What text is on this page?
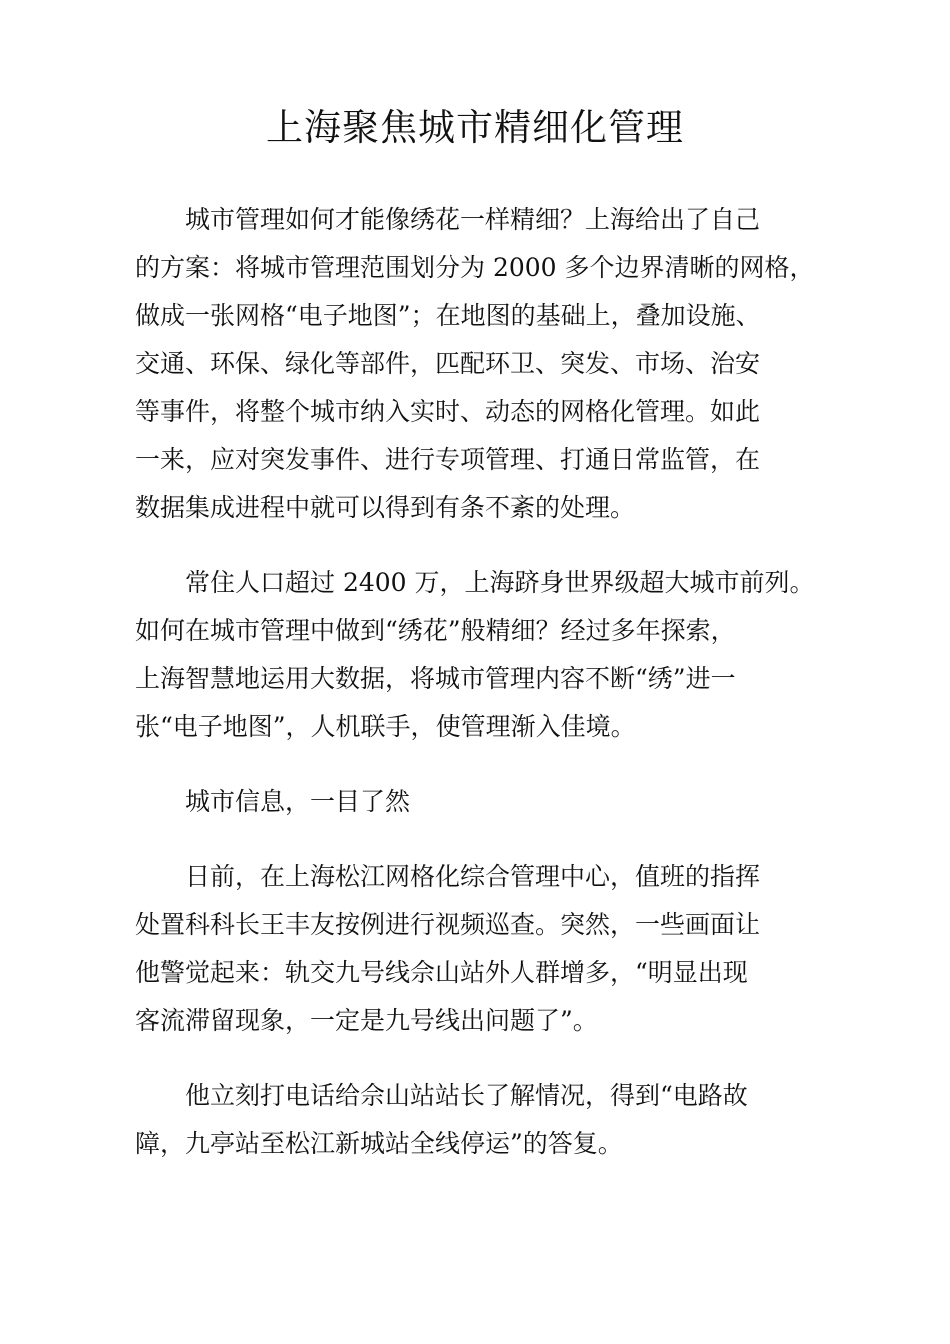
上海聚焦城市精细化管理

城市管理如何才能像绣花一样精细？上海给出了自己
的方案：将城市管理范围划分为 2000 多个边界清晰的网格，
做成一张网格“电子地图”；在地图的基础上，叠加设施、
交通、环保、绿化等部件，匹配环卫、突发、市场、治安
等事件，将整个城市纳入实时、动态的网格化管理。如此
一来，应对突发事件、进行专项管理、打通日常监管，在
数据集成进程中就可以得到有条不紊的处理。

常住人口超过 2400 万，上海跻身世界级超大城市前列。
如何在城市管理中做到“绣花”般精细？经过多年探索，
上海智慧地运用大数据，将城市管理内容不断“绣”进一
张“电子地图”，人机联手，使管理渐入佳境。

城市信息，一目了然

日前，在上海松江网格化综合管理中心，值班的指挥
处置科科长王丰友按例进行视频巡查。突然，一些画面让
他警觉起来：轨交九号线佘山站外人群增多，“明显出现
客流滞留现象，一定是九号线出问题了”。

他立刻打电话给佘山站站长了解情况，得到“电路故
障，九亭站至松江新城站全线停运”的答复。
